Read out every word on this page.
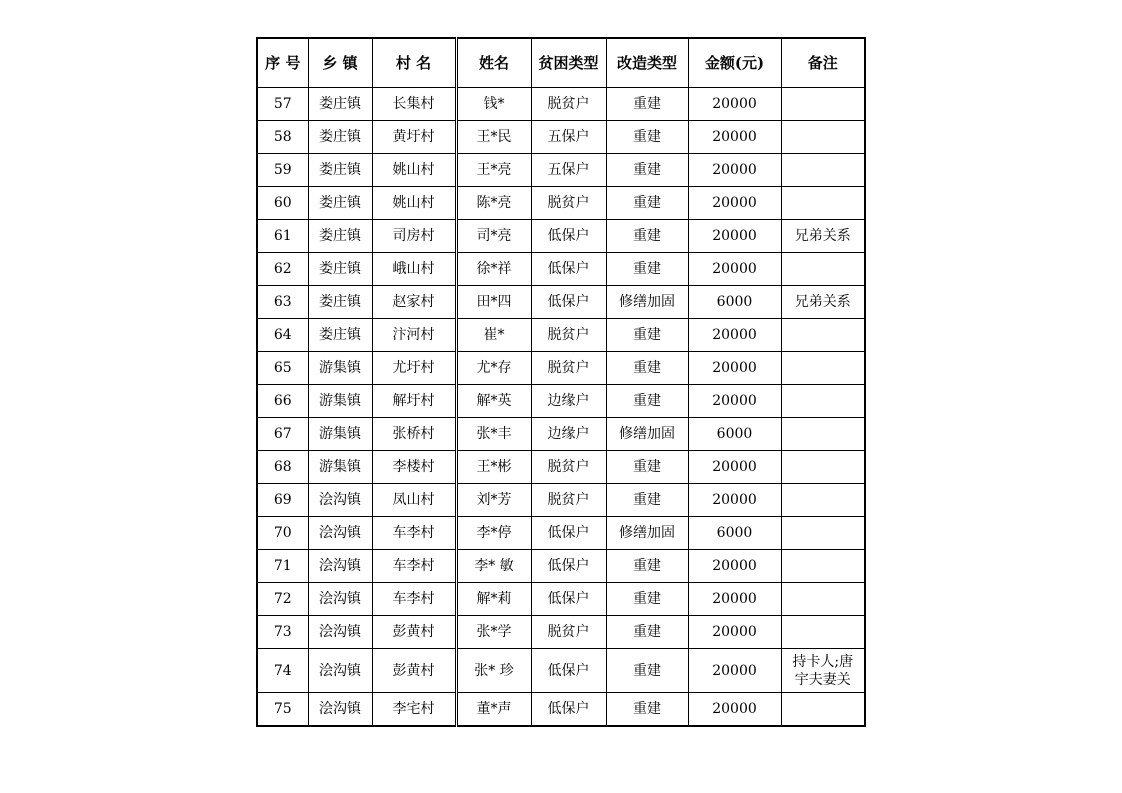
序 号	乡 镇	村 名	姓名	贫困类型	改造类型	金额(元)	备注
57	娄庄镇	长集村	钱*	脱贫户	重建	20000	
58	娄庄镇	黄圩村	王*民	五保户	重建	20000	
59	娄庄镇	姚山村	王*亮	五保户	重建	20000	
60	娄庄镇	姚山村	陈*亮	脱贫户	重建	20000	
61	娄庄镇	司房村	司*亮	低保户	重建	20000	兄弟关系
62	娄庄镇	峨山村	徐*祥	低保户	重建	20000	
63	娄庄镇	赵家村	田*四	低保户	修缮加固	6000	兄弟关系
64	娄庄镇	汴河村	崔*	脱贫户	重建	20000	
65	游集镇	尤圩村	尤*存	脱贫户	重建	20000	
66	游集镇	解圩村	解*英	边缘户	重建	20000	
67	游集镇	张桥村	张*丰	边缘户	修缮加固	6000	
68	游集镇	李楼村	王*彬	脱贫户	重建	20000	
69	浍沟镇	凤山村	刘*芳	脱贫户	重建	20000	
70	浍沟镇	车李村	李*停	低保户	修缮加固	6000	
71	浍沟镇	车李村	李* 敏	低保户	重建	20000	
72	浍沟镇	车李村	解*莉	低保户	重建	20000	
73	浍沟镇	彭黄村	张*学	脱贫户	重建	20000	
74	浍沟镇	彭黄村	张* 珍	低保户	重建	20000	持卡人;唐
宇夫妻关

75	浍沟镇	李宅村	董*声	低保户	重建	20000	
